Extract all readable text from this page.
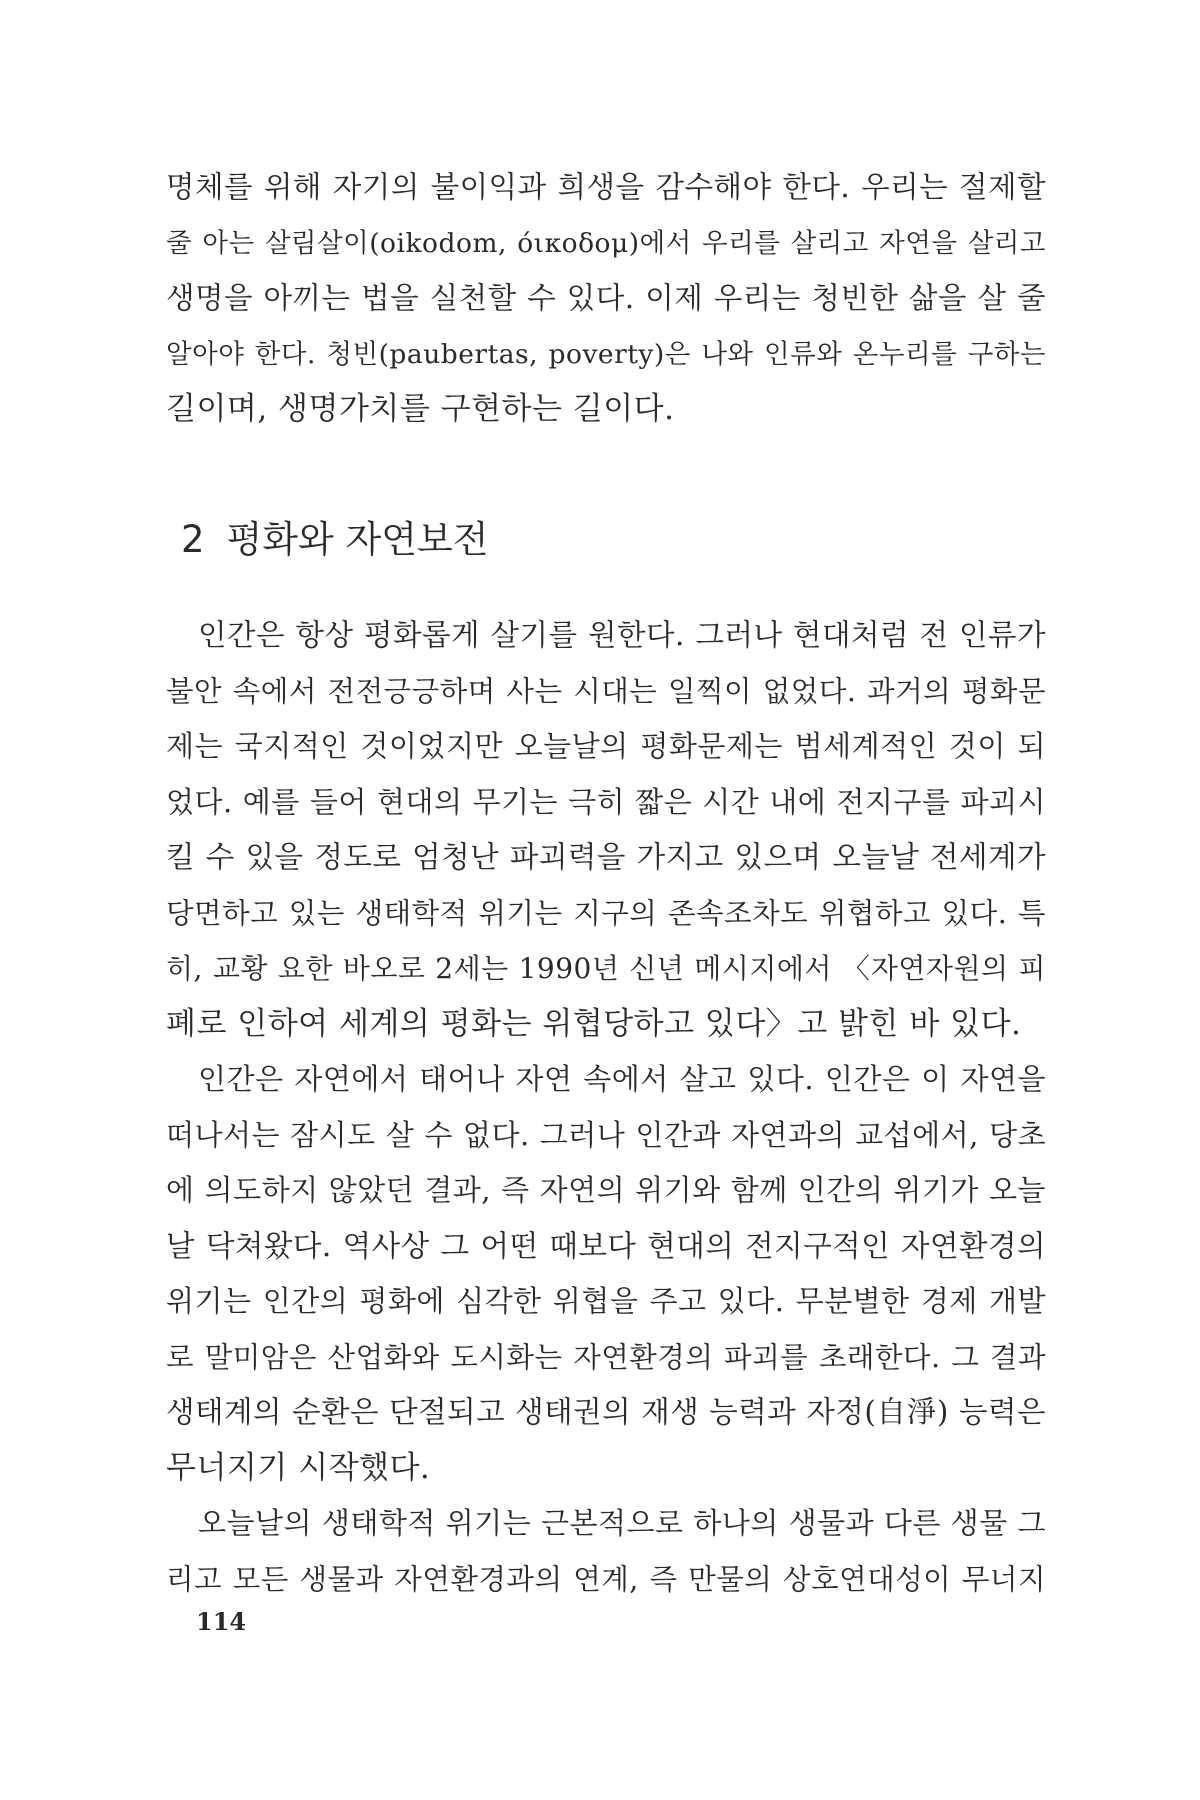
명체를 위해 자기의 불이익과 희생을 감수해야 한다. 우리는 절제할
줄 아는 살림살이(oikodom, όικοδομ)에서 우리를 살리고 자연을 살리고
생명을 아끼는 법을 실천할 수 있다. 이제 우리는 청빈한 삶을 살 줄
알아야 한다. 청빈(paubertas, poverty)은 나와 인류와 온누리를 구하는
길이며, 생명가치를 구현하는 길이다.
2 평화와 자연보전
인간은 항상 평화롭게 살기를 원한다. 그러나 현대처럼 전 인류가
불안 속에서 전전긍긍하며 사는 시대는 일찍이 없었다. 과거의 평화문
제는 국지적인 것이었지만 오늘날의 평화문제는 범세계적인 것이 되
었다. 예를 들어 현대의 무기는 극히 짧은 시간 내에 전지구를 파괴시
킬 수 있을 정도로 엄청난 파괴력을 가지고 있으며 오늘날 전세계가
당면하고 있는 생태학적 위기는 지구의 존속조차도 위협하고 있다. 특
히, 교황 요한 바오로 2세는 1990년 신년 메시지에서 〈자연자원의 피
폐로 인하여 세계의 평화는 위협당하고 있다〉고 밝힌 바 있다.
인간은 자연에서 태어나 자연 속에서 살고 있다. 인간은 이 자연을
떠나서는 잠시도 살 수 없다. 그러나 인간과 자연과의 교섭에서, 당초
에 의도하지 않았던 결과, 즉 자연의 위기와 함께 인간의 위기가 오늘
날 닥쳐왔다. 역사상 그 어떤 때보다 현대의 전지구적인 자연환경의
위기는 인간의 평화에 심각한 위협을 주고 있다. 무분별한 경제 개발
로 말미암은 산업화와 도시화는 자연환경의 파괴를 초래한다. 그 결과
생태계의 순환은 단절되고 생태권의 재생 능력과 자정(自淨) 능력은
무너지기 시작했다.
오늘날의 생태학적 위기는 근본적으로 하나의 생물과 다른 생물 그
리고 모든 생물과 자연환경과의 연계, 즉 만물의 상호연대성이 무너지
114
